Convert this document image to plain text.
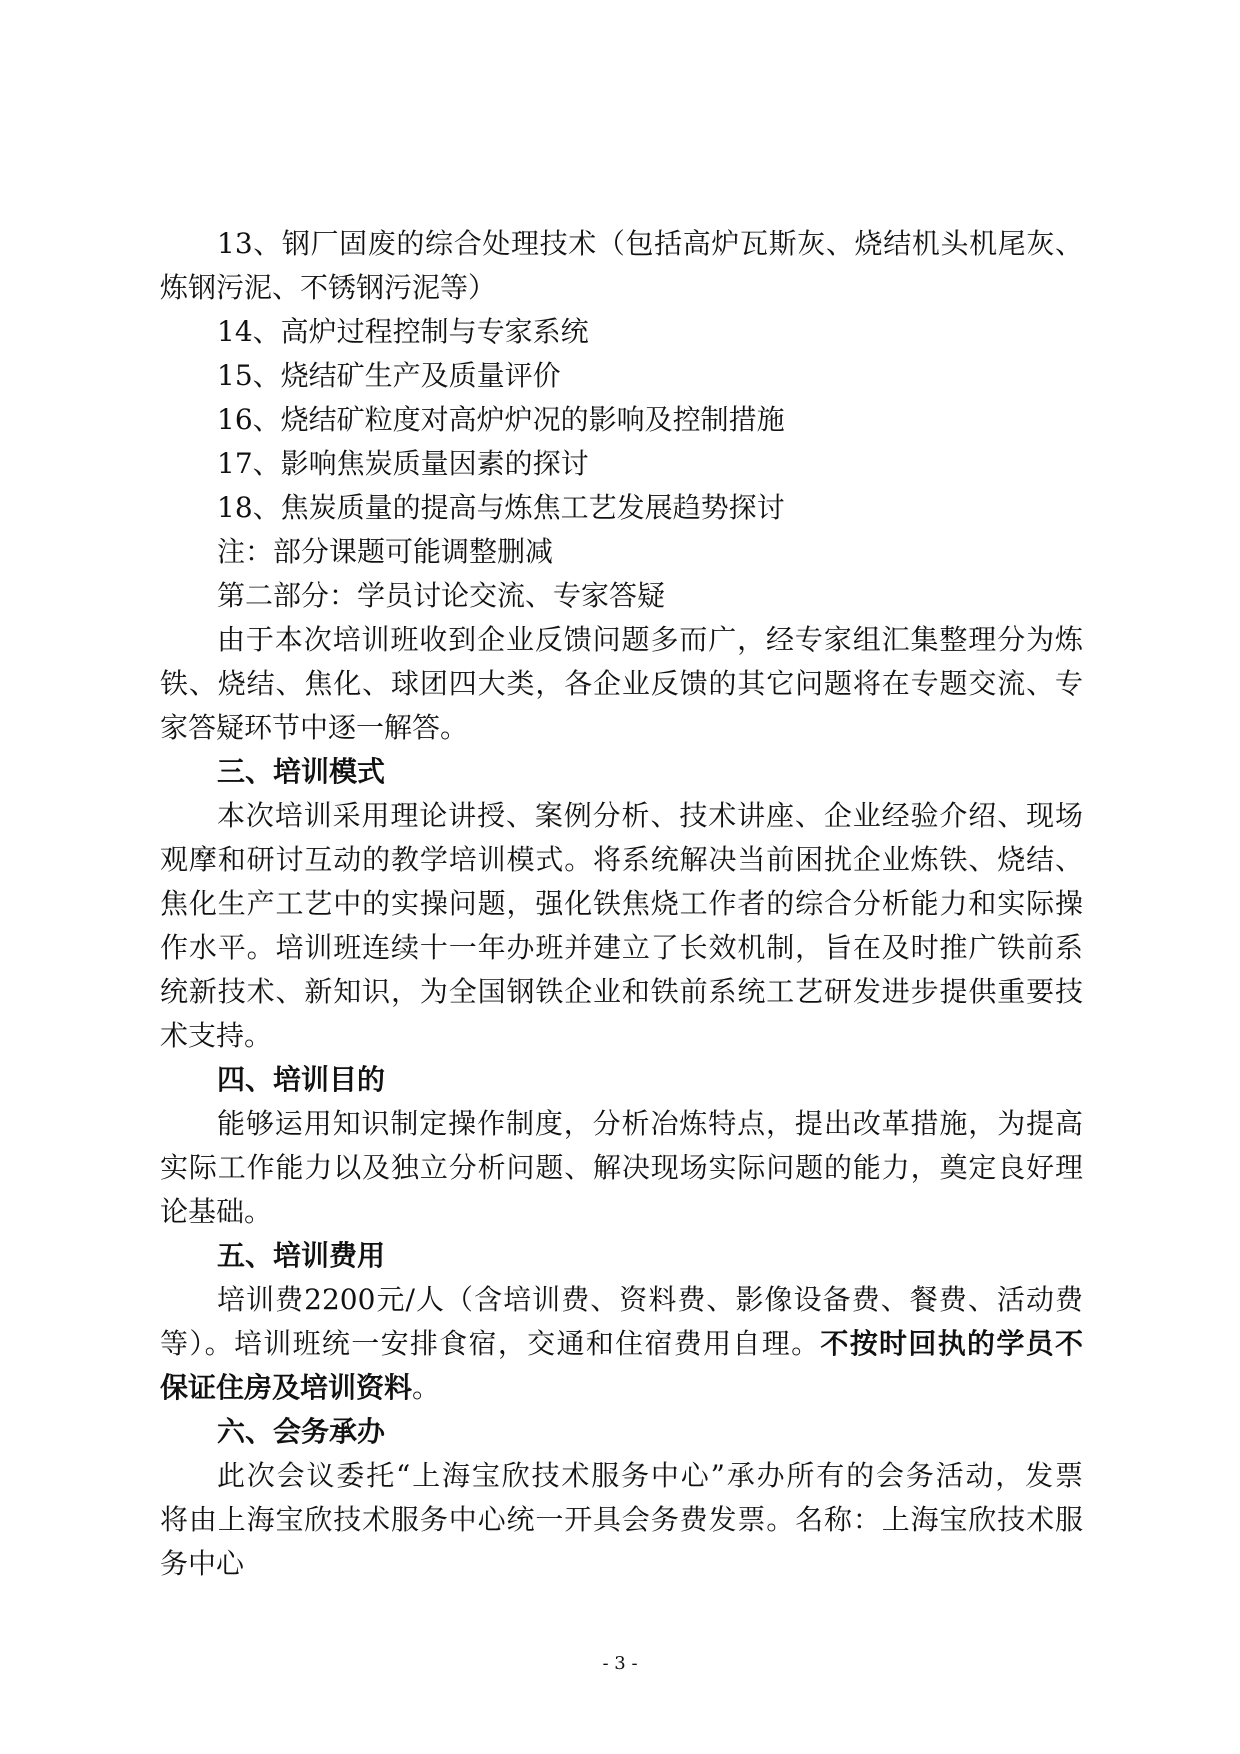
13、钢厂固废的综合处理技术（包括高炉瓦斯灰、烧结机头机尾灰、
炼钢污泥、不锈钢污泥等）
14、高炉过程控制与专家系统
15、烧结矿生产及质量评价
16、烧结矿粒度对高炉炉况的影响及控制措施
17、影响焦炭质量因素的探讨
18、焦炭质量的提高与炼焦工艺发展趋势探讨
注：部分课题可能调整删减
第二部分：学员讨论交流、专家答疑
由于本次培训班收到企业反馈问题多而广，经专家组汇集整理分为炼
铁、烧结、焦化、球团四大类，各企业反馈的其它问题将在专题交流、专
家答疑环节中逐一解答。
三、培训模式
本次培训采用理论讲授、案例分析、技术讲座、企业经验介绍、现场
观摩和研讨互动的教学培训模式。将系统解决当前困扰企业炼铁、烧结、
焦化生产工艺中的实操问题，强化铁焦烧工作者的综合分析能力和实际操
作水平。培训班连续十一年办班并建立了长效机制，旨在及时推广铁前系
统新技术、新知识，为全国钢铁企业和铁前系统工艺研发进步提供重要技
术支持。
四、培训目的
能够运用知识制定操作制度，分析冶炼特点，提出改革措施，为提高
实际工作能力以及独立分析问题、解决现场实际问题的能力，奠定良好理
论基础。
五、培训费用
培训费2200元/人（含培训费、资料费、影像设备费、餐费、活动费
等）。培训班统一安排食宿，交通和住宿费用自理。不按时回执的学员不
保证住房及培训资料。
六、会务承办
此次会议委托“上海宝欣技术服务中心”承办所有的会务活动，发票
将由上海宝欣技术服务中心统一开具会务费发票。名称：上海宝欣技术服
务中心
- 3 -
